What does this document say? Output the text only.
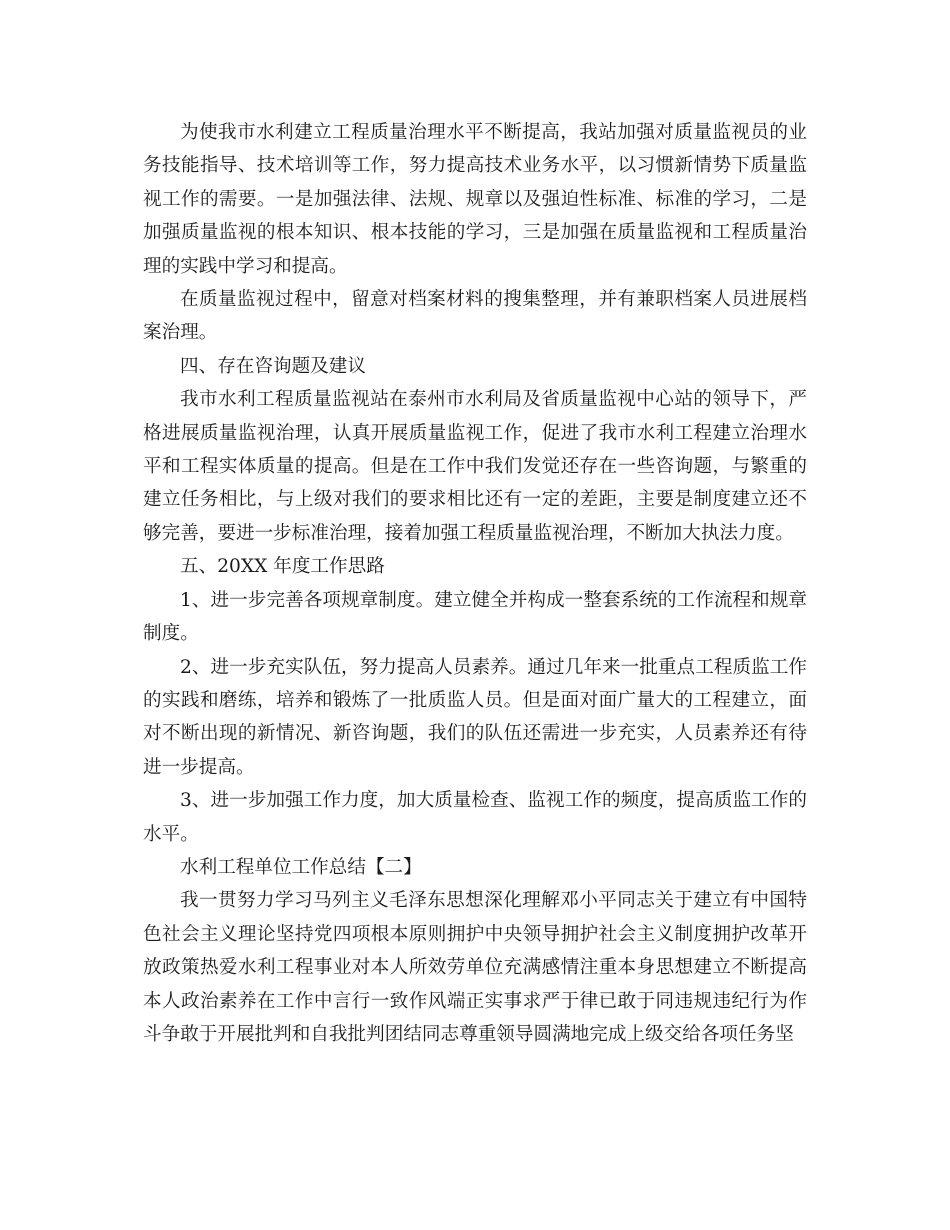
为使我市水利建立工程质量治理水平不断提高，我站加强对质量监视员的业务技能指导、技术培训等工作，努力提高技术业务水平，以习惯新情势下质量监视工作的需要。一是加强法律、法规、规章以及强迫性标准、标准的学习，二是加强质量监视的根本知识、根本技能的学习，三是加强在质量监视和工程质量治理的实践中学习和提高。

在质量监视过程中，留意对档案材料的搜集整理，并有兼职档案人员进展档案治理。

四、存在咨询题及建议

我市水利工程质量监视站在泰州市水利局及省质量监视中心站的领导下，严格进展质量监视治理，认真开展质量监视工作，促进了我市水利工程建立治理水平和工程实体质量的提高。但是在工作中我们发觉还存在一些咨询题，与繁重的建立任务相比，与上级对我们的要求相比还有一定的差距，主要是制度建立还不够完善，要进一步标准治理，接着加强工程质量监视治理，不断加大执法力度。

五、20XX 年度工作思路

1、进一步完善各项规章制度。建立健全并构成一整套系统的工作流程和规章制度。

2、进一步充实队伍，努力提高人员素养。通过几年来一批重点工程质监工作的实践和磨练，培养和锻炼了一批质监人员。但是面对面广量大的工程建立，面对不断出现的新情况、新咨询题，我们的队伍还需进一步充实，人员素养还有待进一步提高。

3、进一步加强工作力度，加大质量检查、监视工作的频度，提高质监工作的水平。

水利工程单位工作总结【二】

我一贯努力学习马列主义毛泽东思想深化理解邓小平同志关于建立有中国特色社会主义理论坚持党四项根本原则拥护中央领导拥护社会主义制度拥护改革开放政策热爱水利工程事业对本人所效劳单位充满感情注重本身思想建立不断提高本人政治素养在工作中言行一致作风端正实事求严于律已敢于同违规违纪行为作斗争敢于开展批判和自我批判团结同志尊重领导圆满地完成上级交给各项任务坚
